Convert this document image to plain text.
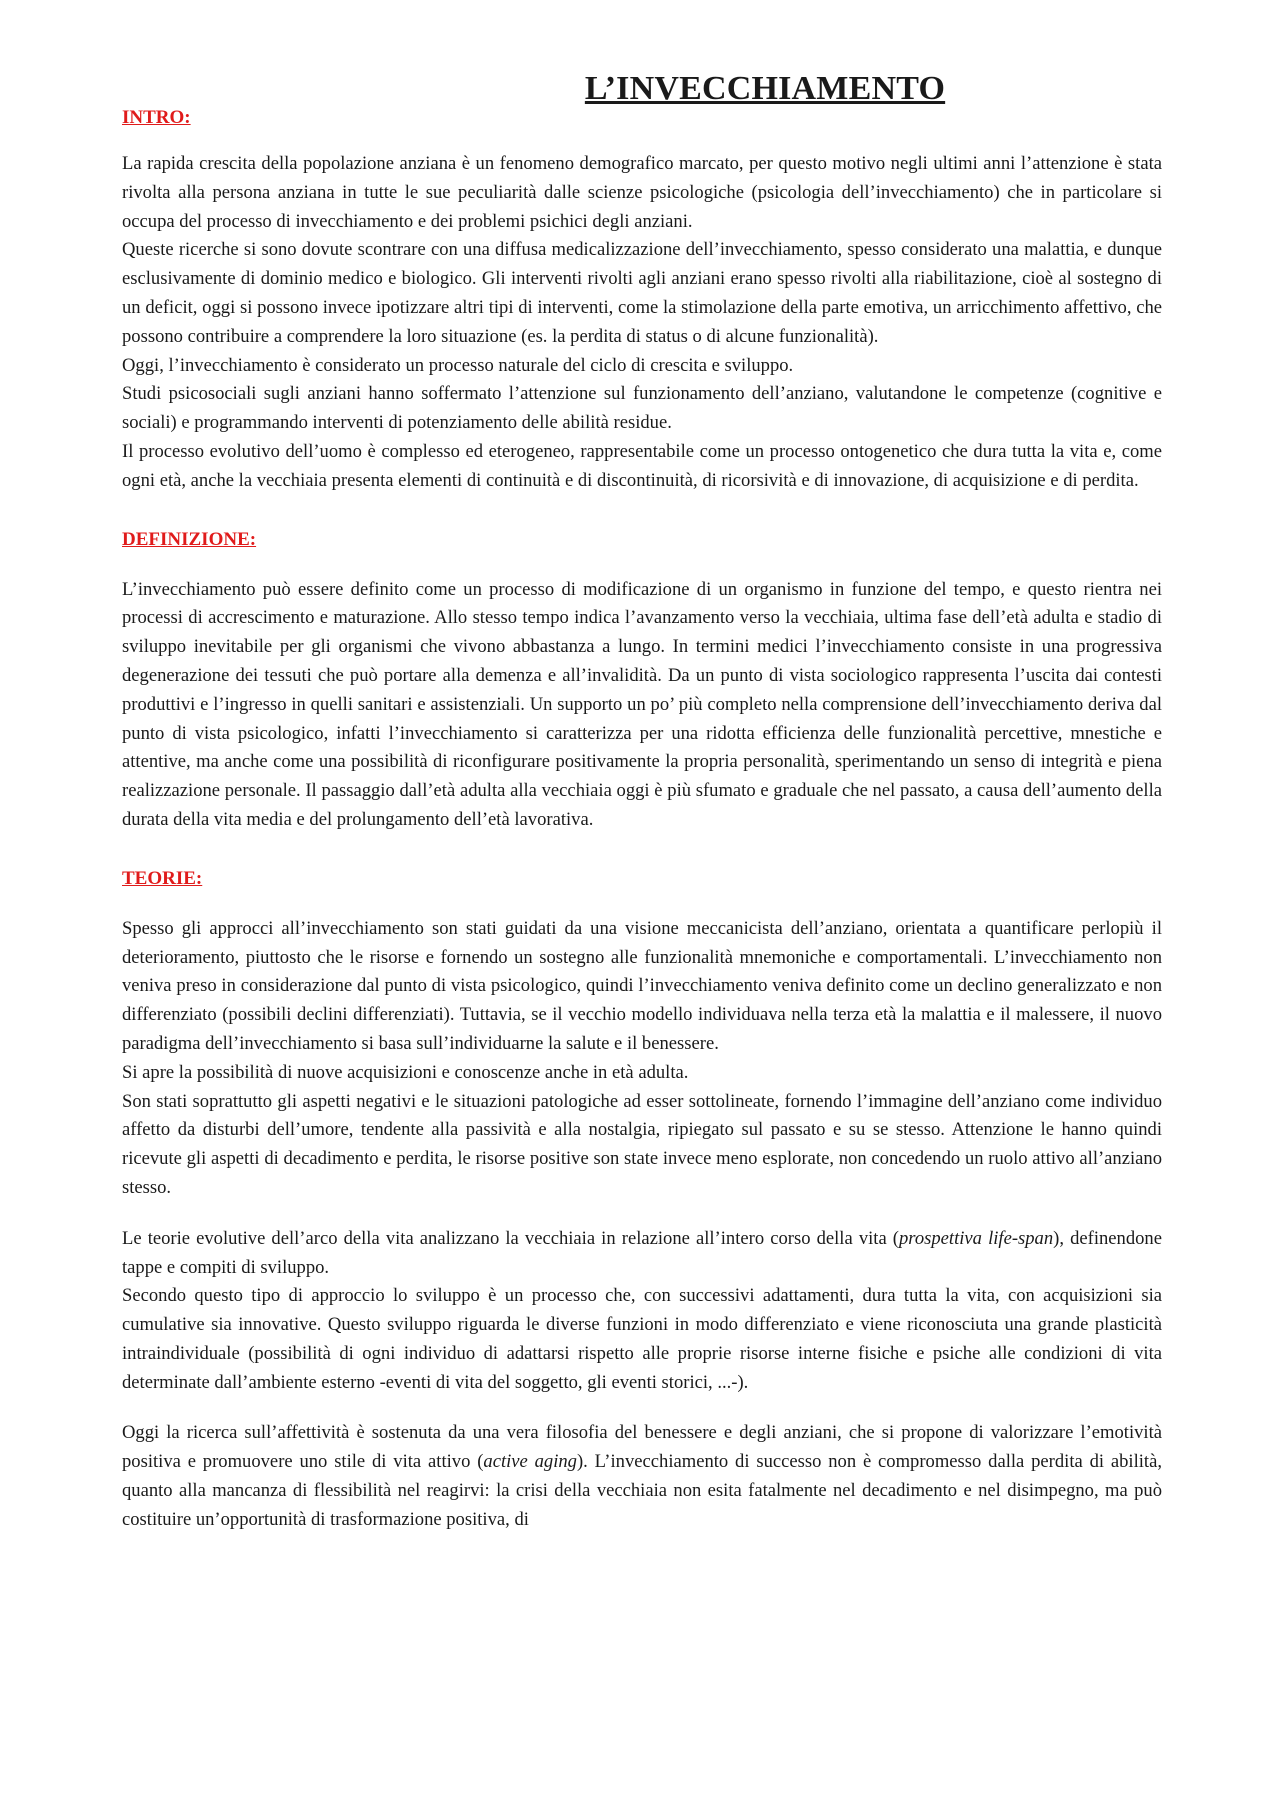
L’INVECCHIAMENTO
INTRO:

La rapida crescita della popolazione anziana è un fenomeno demografico marcato, per questo motivo negli ultimi anni l’attenzione è stata rivolta alla persona anziana in tutte le sue peculiarità dalle scienze psicologiche (psicologia dell’invecchiamento) che in particolare si occupa del processo di invecchiamento e dei problemi psichici degli anziani.

Queste ricerche si sono dovute scontrare con una diffusa medicalizzazione dell’invecchiamento, spesso considerato una malattia, e dunque esclusivamente di dominio medico e biologico. Gli interventi rivolti agli anziani erano spesso rivolti alla riabilitazione, cioè al sostegno di un deficit, oggi si possono invece ipotizzare altri tipi di interventi, come la stimolazione della parte emotiva, un arricchimento affettivo, che possono contribuire a comprendere la loro situazione (es. la perdita di status o di alcune funzionalità).

Oggi, l’invecchiamento è considerato un processo naturale del ciclo di crescita e sviluppo.

Studi psicosociali sugli anziani hanno soffermato l’attenzione sul funzionamento dell’anziano, valutandone le competenze (cognitive e sociali) e programmando interventi di potenziamento delle abilità residue.

Il processo evolutivo dell’uomo è complesso ed eterogeneo, rappresentabile come un processo ontogenetico che dura tutta la vita e, come ogni età, anche la vecchiaia presenta elementi di continuità e di discontinuità, di ricorsività e di innovazione, di acquisizione e di perdita.

DEFINIZIONE:

L’invecchiamento può essere definito come un processo di modificazione di un organismo in funzione del tempo, e questo rientra nei processi di accrescimento e maturazione. Allo stesso tempo indica l’avanzamento verso la vecchiaia, ultima fase dell’età adulta e stadio di sviluppo inevitabile per gli organismi che vivono abbastanza a lungo. In termini medici l’invecchiamento consiste in una progressiva degenerazione dei tessuti che può portare alla demenza e all’invalidità. Da un punto di vista sociologico rappresenta l’uscita dai contesti produttivi e l’ingresso in quelli sanitari e assistenziali. Un supporto un po’ più completo nella comprensione dell’invecchiamento deriva dal punto di vista psicologico, infatti l’invecchiamento si caratterizza per una ridotta efficienza delle funzionalità percettive, mnestiche e attentive, ma anche come una possibilità di riconfigurare positivamente la propria personalità, sperimentando un senso di integrità e piena realizzazione personale. Il passaggio dall’età adulta alla vecchiaia oggi è più sfumato e graduale che nel passato, a causa dell’aumento della durata della vita media e del prolungamento dell’età lavorativa.

TEORIE:

Spesso gli approcci all’invecchiamento son stati guidati da una visione meccanicista dell’anziano, orientata a quantificare perlopiù il deterioramento, piuttosto che le risorse e fornendo un sostegno alle funzionalità mnemoniche e comportamentali. L’invecchiamento non veniva preso in considerazione dal punto di vista psicologico, quindi l’invecchiamento veniva definito come un declino generalizzato e non differenziato (possibili declini differenziati). Tuttavia, se il vecchio modello individuava nella terza età la malattia e il malessere, il nuovo paradigma dell’invecchiamento si basa sull’individuarne la salute e il benessere.

Si apre la possibilità di nuove acquisizioni e conoscenze anche in età adulta.

Son stati soprattutto gli aspetti negativi e le situazioni patologiche ad esser sottolineate, fornendo l’immagine dell’anziano come individuo affetto da disturbi dell’umore, tendente alla passività e alla nostalgia, ripiegato sul passato e su se stesso. Attenzione le hanno quindi ricevute gli aspetti di decadimento e perdita, le risorse positive son state invece meno esplorate, non concedendo un ruolo attivo all’anziano stesso.

Le teorie evolutive dell’arco della vita analizzano la vecchiaia in relazione all’intero corso della vita (prospettiva life-span), definendone tappe e compiti di sviluppo.

Secondo questo tipo di approccio lo sviluppo è un processo che, con successivi adattamenti, dura tutta la vita, con acquisizioni sia cumulative sia innovative. Questo sviluppo riguarda le diverse funzioni in modo differenziato e viene riconosciuta una grande plasticità intraindividuale (possibilità di ogni individuo di adattarsi rispetto alle proprie risorse interne fisiche e psiche alle condizioni di vita determinate dall’ambiente esterno -eventi di vita del soggetto, gli eventi storici, ...-).

Oggi la ricerca sull’affettività è sostenuta da una vera filosofia del benessere e degli anziani, che si propone di valorizzare l’emotività positiva e promuovere uno stile di vita attivo (active aging). L’invecchiamento di successo non è compromesso dalla perdita di abilità, quanto alla mancanza di flessibilità nel reagirvi: la crisi della vecchiaia non esita fatalmente nel decadimento e nel disimpegno, ma può costituire un’opportunità di trasformazione positiva, di
